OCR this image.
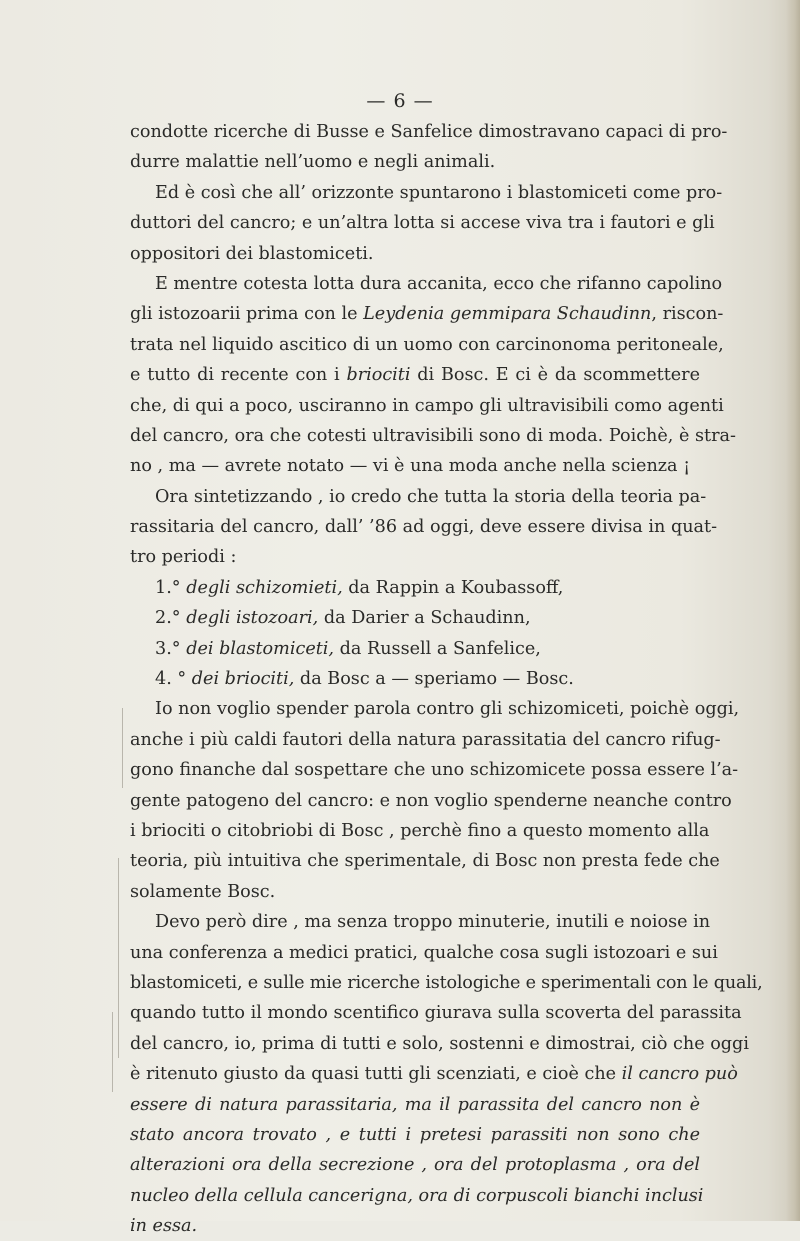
— 6 —
condotte ricerche di Busse e Sanfelice dimostravano capaci di pro-
durre malattie nell’uomo e negli animali.
Ed è così che all’ orizzonte spuntarono i blastomiceti come pro-
duttori del cancro; e un’altra lotta si accese viva tra i fautori e gli
oppositori dei blastomiceti.
E mentre cotesta lotta dura accanita, ecco che rifanno capolino
gli istozoarii prima con le Leydenia gemmipara Schaudinn, riscon-
trata nel liquido ascitico di un uomo con carcinonoma peritoneale,
e tutto di recente con i briociti di Bosc. E ci è da scommettere
che, di qui a poco, usciranno in campo gli ultravisibili como agenti
del cancro, ora che cotesti ultravisibili sono di moda. Poichè, è stra-
no , ma — avrete notato — vi è una moda anche nella scienza ¡
Ora sintetizzando , io credo che tutta la storia della teoria pa-
rassitaria del cancro, dall’ ’86 ad oggi, deve essere divisa in quat-
tro periodi :
1.° degli schizomieti, da Rappin a Koubassoff,
2.° degli istozoari, da Darier a Schaudinn,
3.° dei blastomiceti, da Russell a Sanfelice,
4. ° dei briociti, da Bosc a — speriamo — Bosc.
Io non voglio spender parola contro gli schizomiceti, poichè oggi,
anche i più caldi fautori della natura parassitatia del cancro rifug-
gono finanche dal sospettare che uno schizomicete possa essere l’a-
gente patogeno del cancro: e non voglio spenderne neanche contro
i briociti o citobriobi di Bosc , perchè fino a questo momento alla
teoria, più intuitiva che sperimentale, di Bosc non presta fede che
solamente Bosc.
Devo però dire , ma senza troppo minuterie, inutili e noiose in
una conferenza a medici pratici, qualche cosa sugli istozoari e sui
blastomiceti, e sulle mie ricerche istologiche e sperimentali con le quali,
quando tutto il mondo scentifico giurava sulla scoverta del parassita
del cancro, io, prima di tutti e solo, sostenni e dimostrai, ciò che oggi
è ritenuto giusto da quasi tutti gli scenziati, e cioè che il cancro può
essere di natura parassitaria, ma il parassita del cancro non è
stato ancora trovato , e tutti i pretesi parassiti non sono che
alterazioni ora della secrezione , ora del protoplasma , ora del
nucleo della cellula cancerigna, ora di corpuscoli bianchi inclusi
in essa.
